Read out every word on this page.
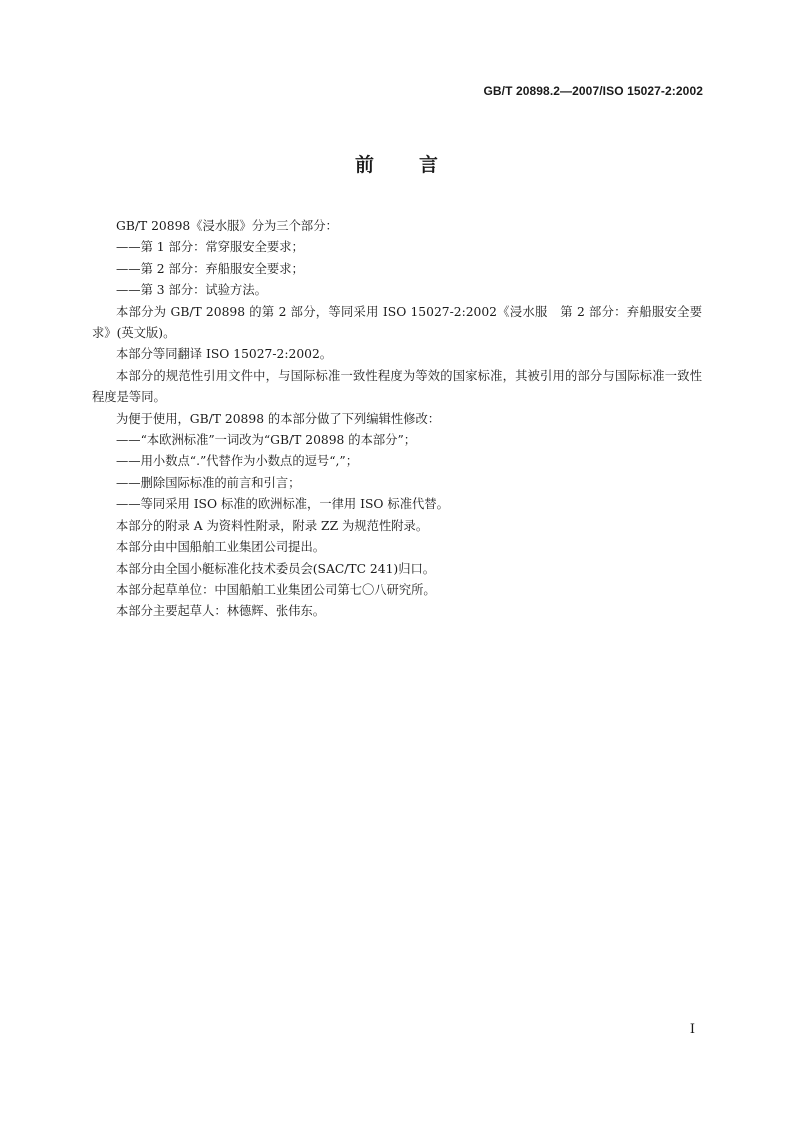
GB/T 20898.2—2007/ISO 15027-2:2002
前 言

GB/T 20898《浸水服》分为三个部分：

——第 1 部分：常穿服安全要求；

——第 2 部分：弃船服安全要求；

——第 3 部分：试验方法。

本部分为 GB/T 20898 的第 2 部分，等同采用 ISO 15027-2:2002《浸水服　第 2 部分：弃船服安全要求》(英文版)。

本部分等同翻译 ISO 15027-2:2002。

本部分的规范性引用文件中，与国际标准一致性程度为等效的国家标准，其被引用的部分与国际标准一致性程度是等同。

为便于使用，GB/T 20898 的本部分做了下列编辑性修改：

——“本欧洲标准”一词改为“GB/T 20898 的本部分”；

——用小数点“.”代替作为小数点的逗号“,”；

——删除国际标准的前言和引言；

——等同采用 ISO 标准的欧洲标准，一律用 ISO 标准代替。

本部分的附录 A 为资料性附录，附录 ZZ 为规范性附录。

本部分由中国船舶工业集团公司提出。

本部分由全国小艇标准化技术委员会(SAC/TC 241)归口。

本部分起草单位：中国船舶工业集团公司第七〇八研究所。

本部分主要起草人：林德辉、张伟东。

I
